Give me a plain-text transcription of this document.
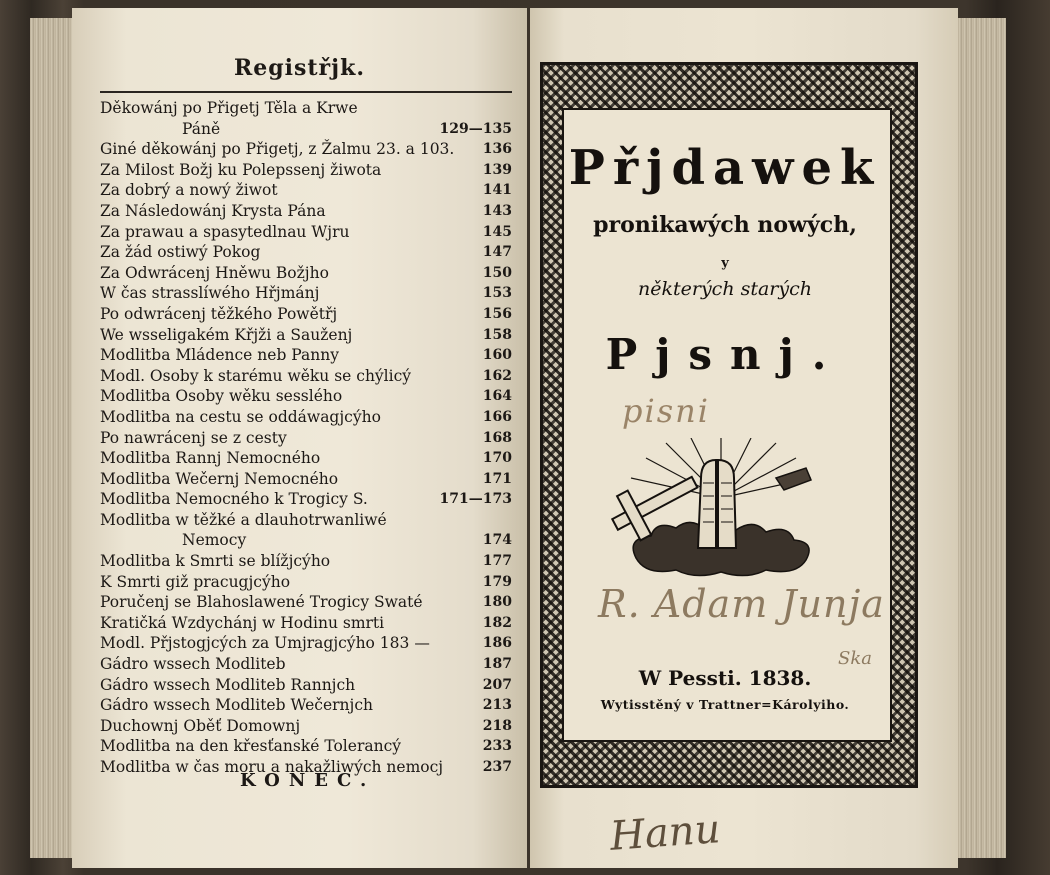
Registřjk.
Děkowánj po Přigetj Těla a Krwe
Páně	129—135
Giné děkowánj po Přigetj, z Žalmu 23. a 103. 136
Za Milost Božj ku Polepssenj žiwota	139
Za dobrý a nowý žiwot	141
Za Následowánj Krysta Pána	143
Za prawau a spasytedlnau Wjru	145
Za žád ostiwý Pokog	147
Za Odwrácenj Hněwu Božjho	150
W čas strasslíwého Hřjmánj	153
Po odwrácenj těžkého Powětřj	156
We wsseligakém Křjži a Sauženj	158
Modlitba Mládence neb Panny	160
Modl. Osoby k starému wěku se chýlicý	162
Modlitba Osoby wěku sesslého	164
Modlitba na cestu se oddáwagjcýho	166
Po nawrácenj se z cesty	168
Modlitba Rannj Nemocného	170
Modlitba Wečernj Nemocného	171
Modlitba Nemocného k Trogicy S.	171—173
Modlitba w těžké a dlauhotrwanliwé
Nemocy	174
Modlitba k Smrti se blížjcýho	177
K Smrti giž pracugjcýho	179
Poručenj se Blahoslawené Trogicy Swaté	180
Kratičká Wzdychánj w Hodinu smrti	182
Modl. Přjstogjcých za Umjragjcýho 183 —	186
Gádro wssech Modliteb	187
Gádro wssech Modliteb Rannjch	207
Gádro wssech Modliteb Wečernjch	213
Duchownj Oběť Domownj	218
Modlitba na den křesťanské Tolerancý	233
Modlitba w čas moru a nakažliwých nemocj	237
KONEC.
Přjdawek
pronikawých nowých,
y
některých starých
Pjsnj.
pisni
R. Adam Junja
Ska
W Pessti. 1838.
Wytisstěný v Trattner=Károlyiho.
Hanu
